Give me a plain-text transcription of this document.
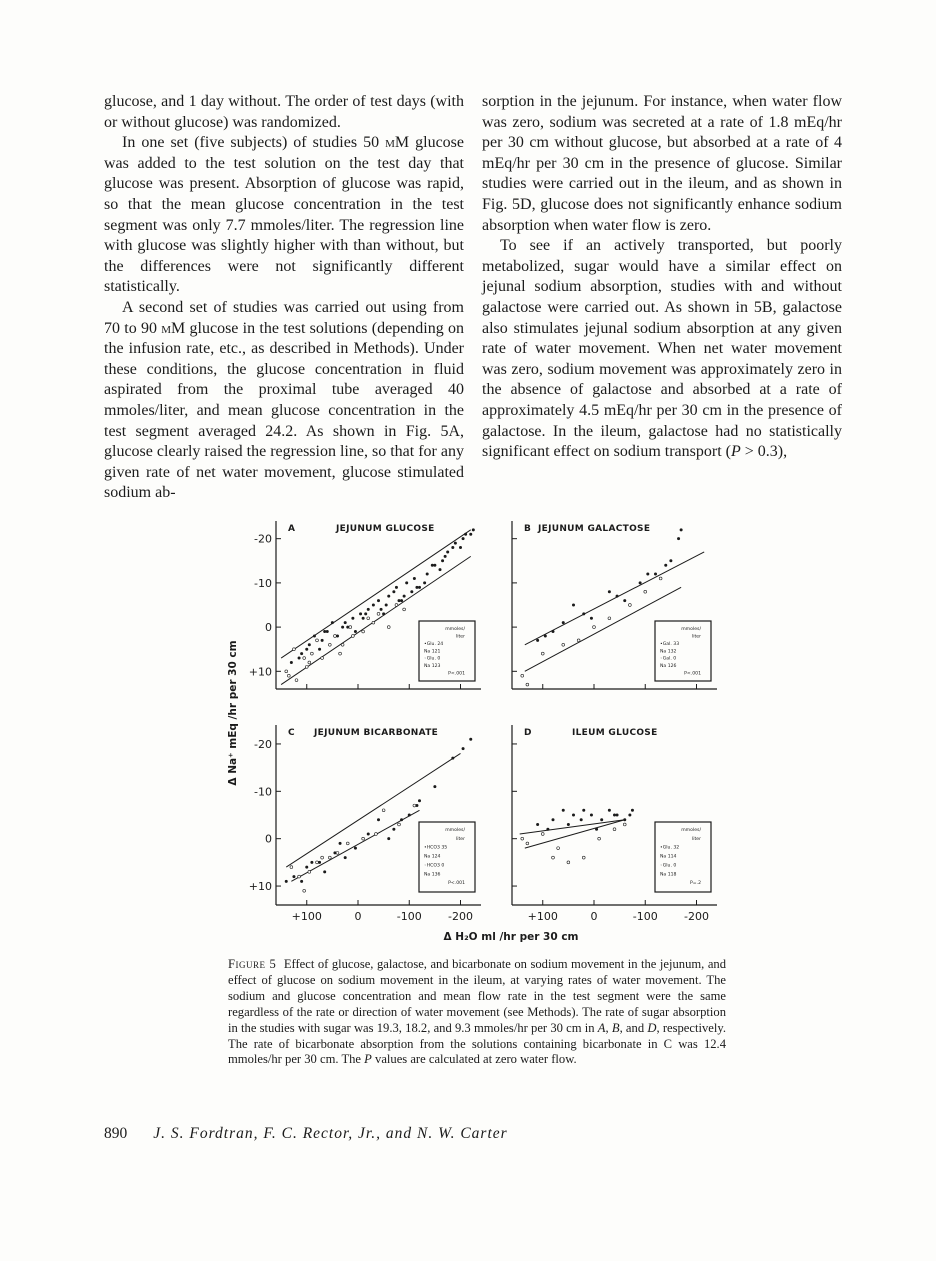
glucose, and 1 day without. The order of test days (with or without glucose) was randomized.

In one set (five subjects) of studies 50 mM glucose was added to the test solution on the test day that glucose was present. Absorption of glucose was rapid, so that the mean glucose concentration in the test segment was only 7.7 mmoles/liter. The regression line with glucose was slightly higher with than without, but the differences were not significantly different statistically.

A second set of studies was carried out using from 70 to 90 mM glucose in the test solutions (depending on the infusion rate, etc., as described in Methods). Under these conditions, the glucose concentration in fluid aspirated from the proximal tube averaged 40 mmoles/liter, and mean glucose concentration in the test segment averaged 24.2. As shown in Fig. 5A, glucose clearly raised the regression line, so that for any given rate of net water movement, glucose stimulated sodium ab-

sorption in the jejunum. For instance, when water flow was zero, sodium was secreted at a rate of 1.8 mEq/hr per 30 cm without glucose, but absorbed at a rate of 4 mEq/hr per 30 cm in the presence of glucose. Similar studies were carried out in the ileum, and as shown in Fig. 5D, glucose does not significantly enhance sodium absorption when water flow is zero.

To see if an actively transported, but poorly metabolized, sugar would have a similar effect on jejunal sodium absorption, studies with and without galactose were carried out. As shown in 5B, galactose also stimulates jejunal sodium absorption at any given rate of water movement. When net water movement was zero, sodium movement was approximately zero in the absence of galactose and absorbed at a rate of approximately 4.5 mEq/hr per 30 cm in the presence of galactose. In the ileum, galactose had no statistically significant effect on sodium transport (P > 0.3),

Δ Na⁺ mEq /hr per 30 cm
Δ H₂O ml /hr per 30 cm
-20
-10
0
+10
A	JEJUNUM GLUCOSE
mmoles/
liter
•Glu. 24
Na 121
◦Glu. 0
Na 123
P<.001
B JEJUNUM GALACTOSE
mmoles/
liter
•Gal. 33
Na 132
◦Gal. 0
Na 126
P<.001
-20
-10
0
+10
+100	0	-100 -200
C JEJUNUM BICARBONATE
mmoles/
liter
•HCO3 35
Na 124
◦HCO3 0
Na 136
P<.001
+100	0	-100 -200
D	ILEUM GLUCOSE
mmoles/
liter
•Glu. 32
Na 114
◦Glu. 0
Na 118
P=.2
Figure 5 Effect of glucose, galactose, and bicarbonate on sodium movement in the jejunum, and effect of glucose on sodium movement in the ileum, at varying rates of water movement. The sodium and glucose concentration and mean flow rate in the test segment were the same regardless of the rate or direction of water movement (see Methods). The rate of sugar absorption in the studies with sugar was 19.3, 18.2, and 9.3 mmoles/hr per 30 cm in A, B, and D, respectively. The rate of bicarbonate absorption from the solutions containing bicarbonate in C was 12.4 mmoles/hr per 30 cm. The P values are calculated at zero water flow.
890 J. S. Fordtran, F. C. Rector, Jr., and N. W. Carter
